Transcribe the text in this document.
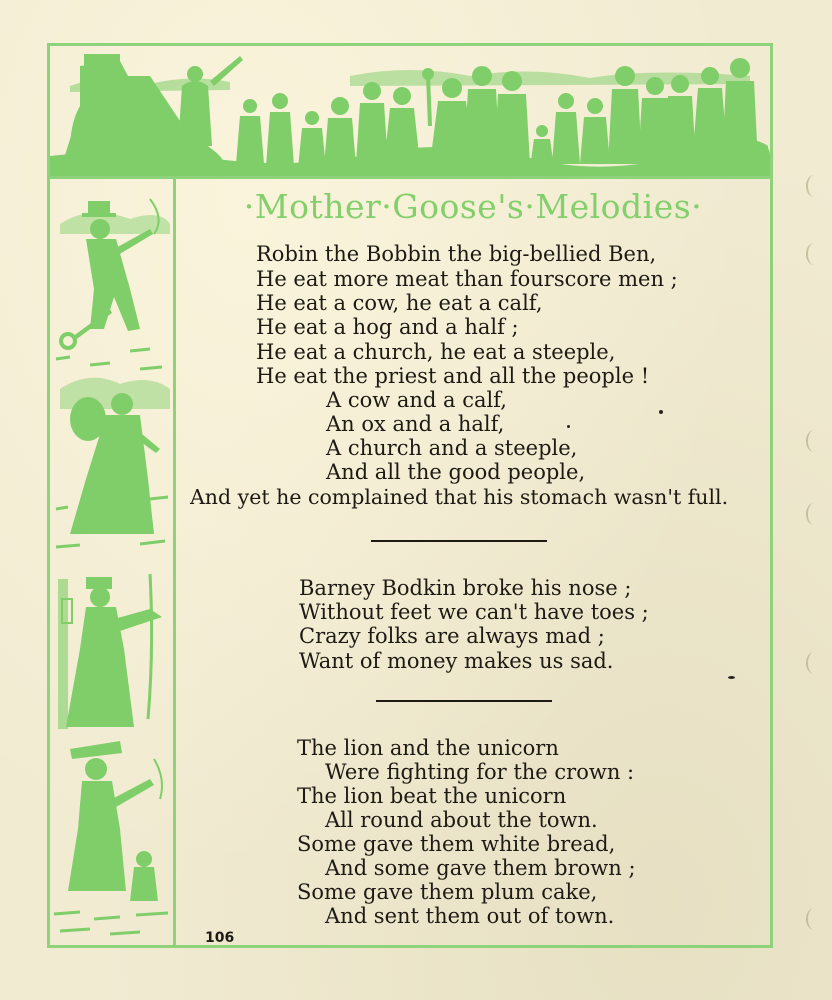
·Mother·Goose's·Melodies·
Robin the Bobbin the big-bellied Ben,
He eat more meat than fourscore men ;
He eat a cow, he eat a calf,
He eat a hog and a half ;
He eat a church, he eat a steeple,
He eat the priest and all the people !
A cow and a calf,
An ox and a half,
A church and a steeple,
And all the good people,
And yet he complained that his stomach wasn't full.
Barney Bodkin broke his nose ;
Without feet we can't have toes ;
Crazy folks are always mad ;
Want of money makes us sad.
The lion and the unicorn
Were fighting for the crown :
The lion beat the unicorn
All round about the town.
Some gave them white bread,
And some gave them brown ;
Some gave them plum cake,
And sent them out of town.
106
